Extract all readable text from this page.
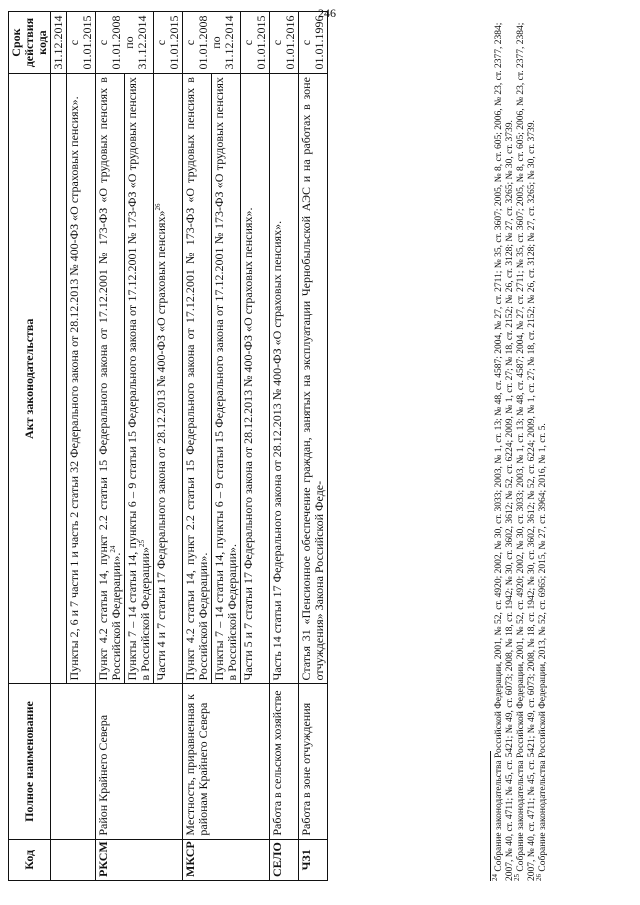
246
Код	Полное наименование	Акт законодательства	Срок действия кода
			31.12.2014
		Пункты 2, 6 и 7 части 1 и часть 2 статьи 32 Федерального закона от 28.12.2013 № 400-ФЗ «О страховых пенсиях».	с 01.01.2015
РКСМ	Район Крайнего Севера	Пункт 4.2 статьи 14, пункт 2.2 статьи 15 Федерального закона от 17.12.2001 № 173-ФЗ «О трудовых пенсиях в Российской Федерации».$^{24}$	с 01.01.2008 по 31.12.2014
		Пункты 7 – 14 статьи 14, пункты 6 – 9 статьи 15 Федерального закона от 17.12.2001 № 173-ФЗ «О трудовых пенсиях в Российской Федерации»$^{25}$
		Части 4 и 7 статьи 17 Федерального закона от 28.12.2013 № 400-ФЗ «О страховых пенсиях»$^{26}$	с 01.01.2015
МКСР	Местность, приравненная к районам Крайнего Севера	Пункт 4.2 статьи 14, пункт 2.2 статьи 15 Федерального закона от 17.12.2001 № 173-ФЗ «О трудовых пенсиях в Российской Федерации».	с 01.01.2008 по 31.12.2014
		Пункты 7 – 14 статьи 14, пункты 6 – 9 статьи 15 Федерального закона от 17.12.2001 № 173-ФЗ «О трудовых пенсиях в Российской Федерации».	
		Части 5 и 7 статьи 17 Федерального закона от 28.12.2013 № 400-ФЗ «О страховых пенсиях».	с 01.01.2015
СЕЛО	Работа в сельском хозяйстве	Часть 14 статьи 17 Федерального закона от 28.12.2013 № 400-ФЗ «О страховых пенсиях».	с 01.01.2016
ЧЗ1	Работа в зоне отчуждения	Статья 31 «Пенсионное обеспечение граждан, занятых на эксплуатации Чернобыльской АЭС и на работах в зоне отчуждения» Закона Российской Феде-	с 01.01.1996

$^{24}$ Собрание законодательства Российской Федерации, 2001, № 52, ст. 4920; 2002, № 30, ст. 3033; 2003, № 1, ст. 13; № 48, ст. 4587; 2004, № 27, ст. 2711; № 35, ст. 3607; 2005, № 8, ст. 605; 2006, № 23, ст. 2377, 2384; 2007, № 40, ст. 4711; № 45, ст. 5421; № 49, ст. 6073; 2008, № 18, ст. 1942; № 30, ст. 3602, 3612; № 52, ст. 6224; 2009, № 1, ст. 27; № 18, ст. 2152; № 26, ст. 3128; № 27, ст. 3265; № 30, ст. 3739.

$^{25}$ Собрание законодательства Российской Федерации, 2001, № 52, ст. 4920; 2002, № 30, ст. 3033; 2003, № 1, ст. 13; № 48, ст. 4587; 2004, № 27, ст. 2711; № 35, ст. 3607; 2005, № 8, ст. 605; 2006, № 23, ст. 2377, 2384; 2007, № 40, ст. 4711; № 45, ст. 5421; № 49, ст. 6073; 2008, № 18, ст. 1942; № 30, ст. 3602, 3612; № 52, ст. 6224; 2009, № 1, ст. 27; № 18, ст. 2152; № 26, ст. 3128; № 27, ст. 3265; № 30, ст. 3739.

$^{26}$ Собрание законодательства Российской Федерации, 2013, № 52, ст. 6965; 2015, № 27, ст. 3964; 2016, № 1, ст. 5.
